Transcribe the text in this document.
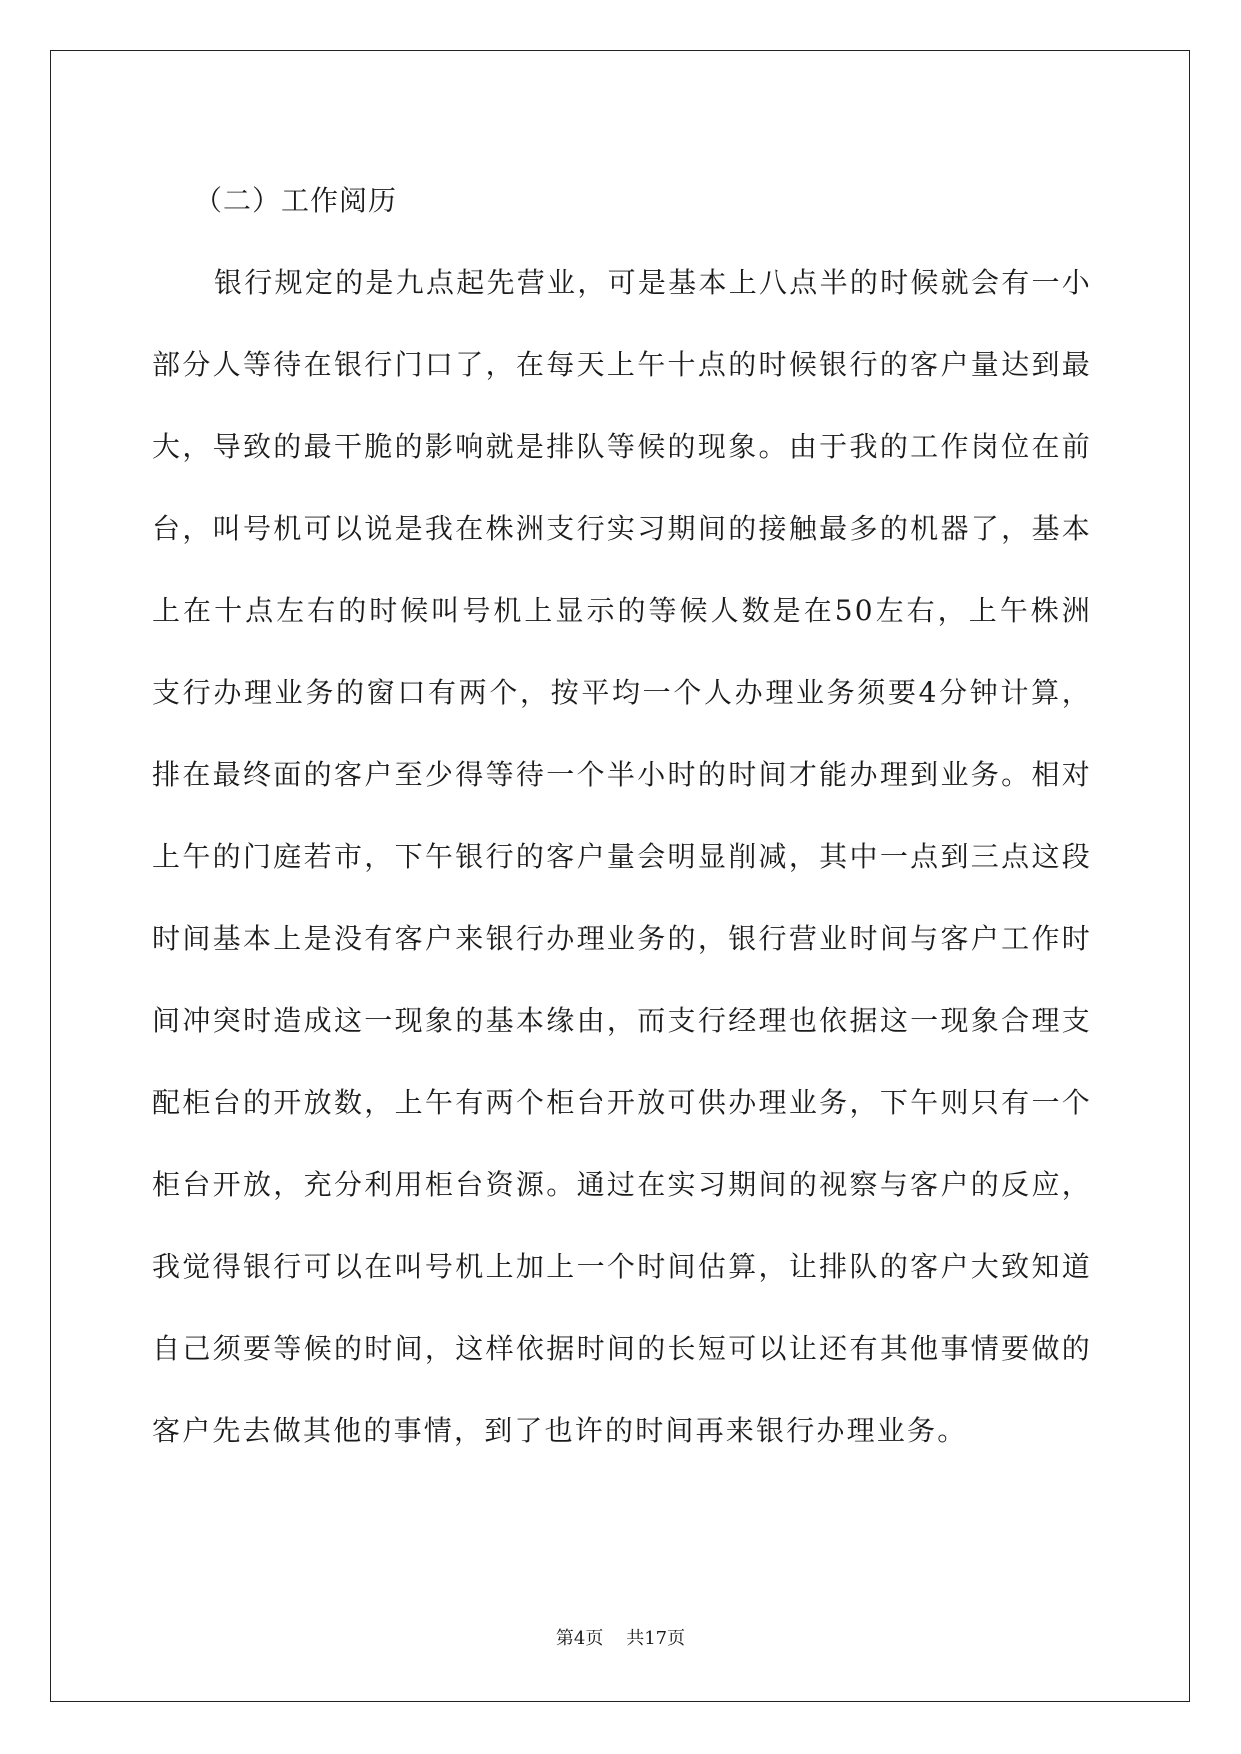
（二）工作阅历

银行规定的是九点起先营业，可是基本上八点半的时候就会有一小部分人等待在银行门口了，在每天上午十点的时候银行的客户量达到最大，导致的最干脆的影响就是排队等候的现象。由于我的工作岗位在前台，叫号机可以说是我在株洲支行实习期间的接触最多的机器了，基本上在十点左右的时候叫号机上显示的等候人数是在50左右，上午株洲支行办理业务的窗口有两个，按平均一个人办理业务须要4分钟计算，排在最终面的客户至少得等待一个半小时的时间才能办理到业务。相对上午的门庭若市，下午银行的客户量会明显削减，其中一点到三点这段时间基本上是没有客户来银行办理业务的，银行营业时间与客户工作时间冲突时造成这一现象的基本缘由，而支行经理也依据这一现象合理支配柜台的开放数，上午有两个柜台开放可供办理业务，下午则只有一个柜台开放，充分利用柜台资源。通过在实习期间的视察与客户的反应，我觉得银行可以在叫号机上加上一个时间估算，让排队的客户大致知道自己须要等候的时间，这样依据时间的长短可以让还有其他事情要做的客户先去做其他的事情，到了也许的时间再来银行办理业务。

第4页    共17页
